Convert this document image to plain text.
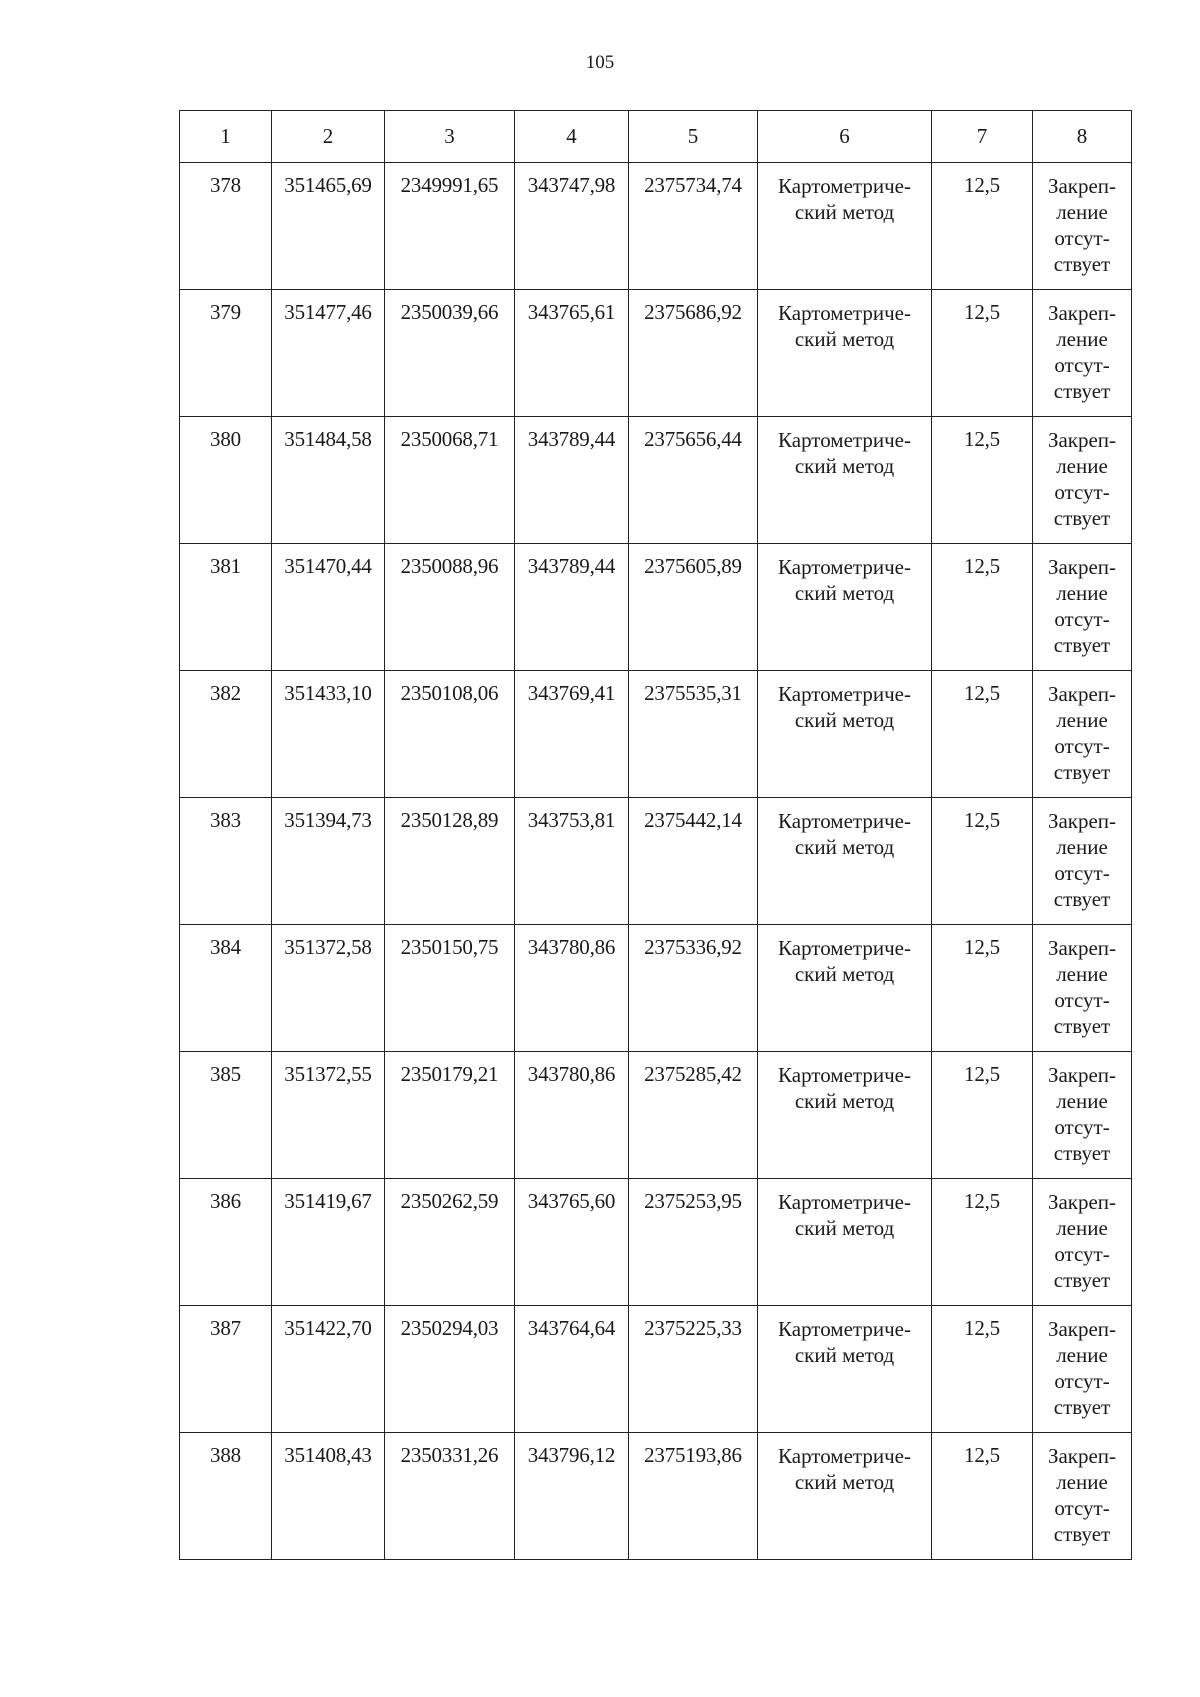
105
1	2	3	4	5	6	7	8
378	351465,69	2349991,65	343747,98	2375734,74	Картометриче-
ский метод	12,5	Закреп-
ление
отсут-
ствует

379	351477,46	2350039,66	343765,61	2375686,92	Картометриче-
ский метод	12,5	Закреп-
ление
отсут-
ствует

380	351484,58	2350068,71	343789,44	2375656,44	Картометриче-
ский метод	12,5	Закреп-
ление
отсут-
ствует

381	351470,44	2350088,96	343789,44	2375605,89	Картометриче-
ский метод	12,5	Закреп-
ление
отсут-
ствует

382	351433,10	2350108,06	343769,41	2375535,31	Картометриче-
ский метод	12,5	Закреп-
ление
отсут-
ствует

383	351394,73	2350128,89	343753,81	2375442,14	Картометриче-
ский метод	12,5	Закреп-
ление
отсут-
ствует

384	351372,58	2350150,75	343780,86	2375336,92	Картометриче-
ский метод	12,5	Закреп-
ление
отсут-
ствует

385	351372,55	2350179,21	343780,86	2375285,42	Картометриче-
ский метод	12,5	Закреп-
ление
отсут-
ствует

386	351419,67	2350262,59	343765,60	2375253,95	Картометриче-
ский метод	12,5	Закреп-
ление
отсут-
ствует

387	351422,70	2350294,03	343764,64	2375225,33	Картометриче-
ский метод	12,5	Закреп-
ление
отсут-
ствует

388	351408,43	2350331,26	343796,12	2375193,86	Картометриче-
ский метод	12,5	Закреп-
ление
отсут-
ствует
